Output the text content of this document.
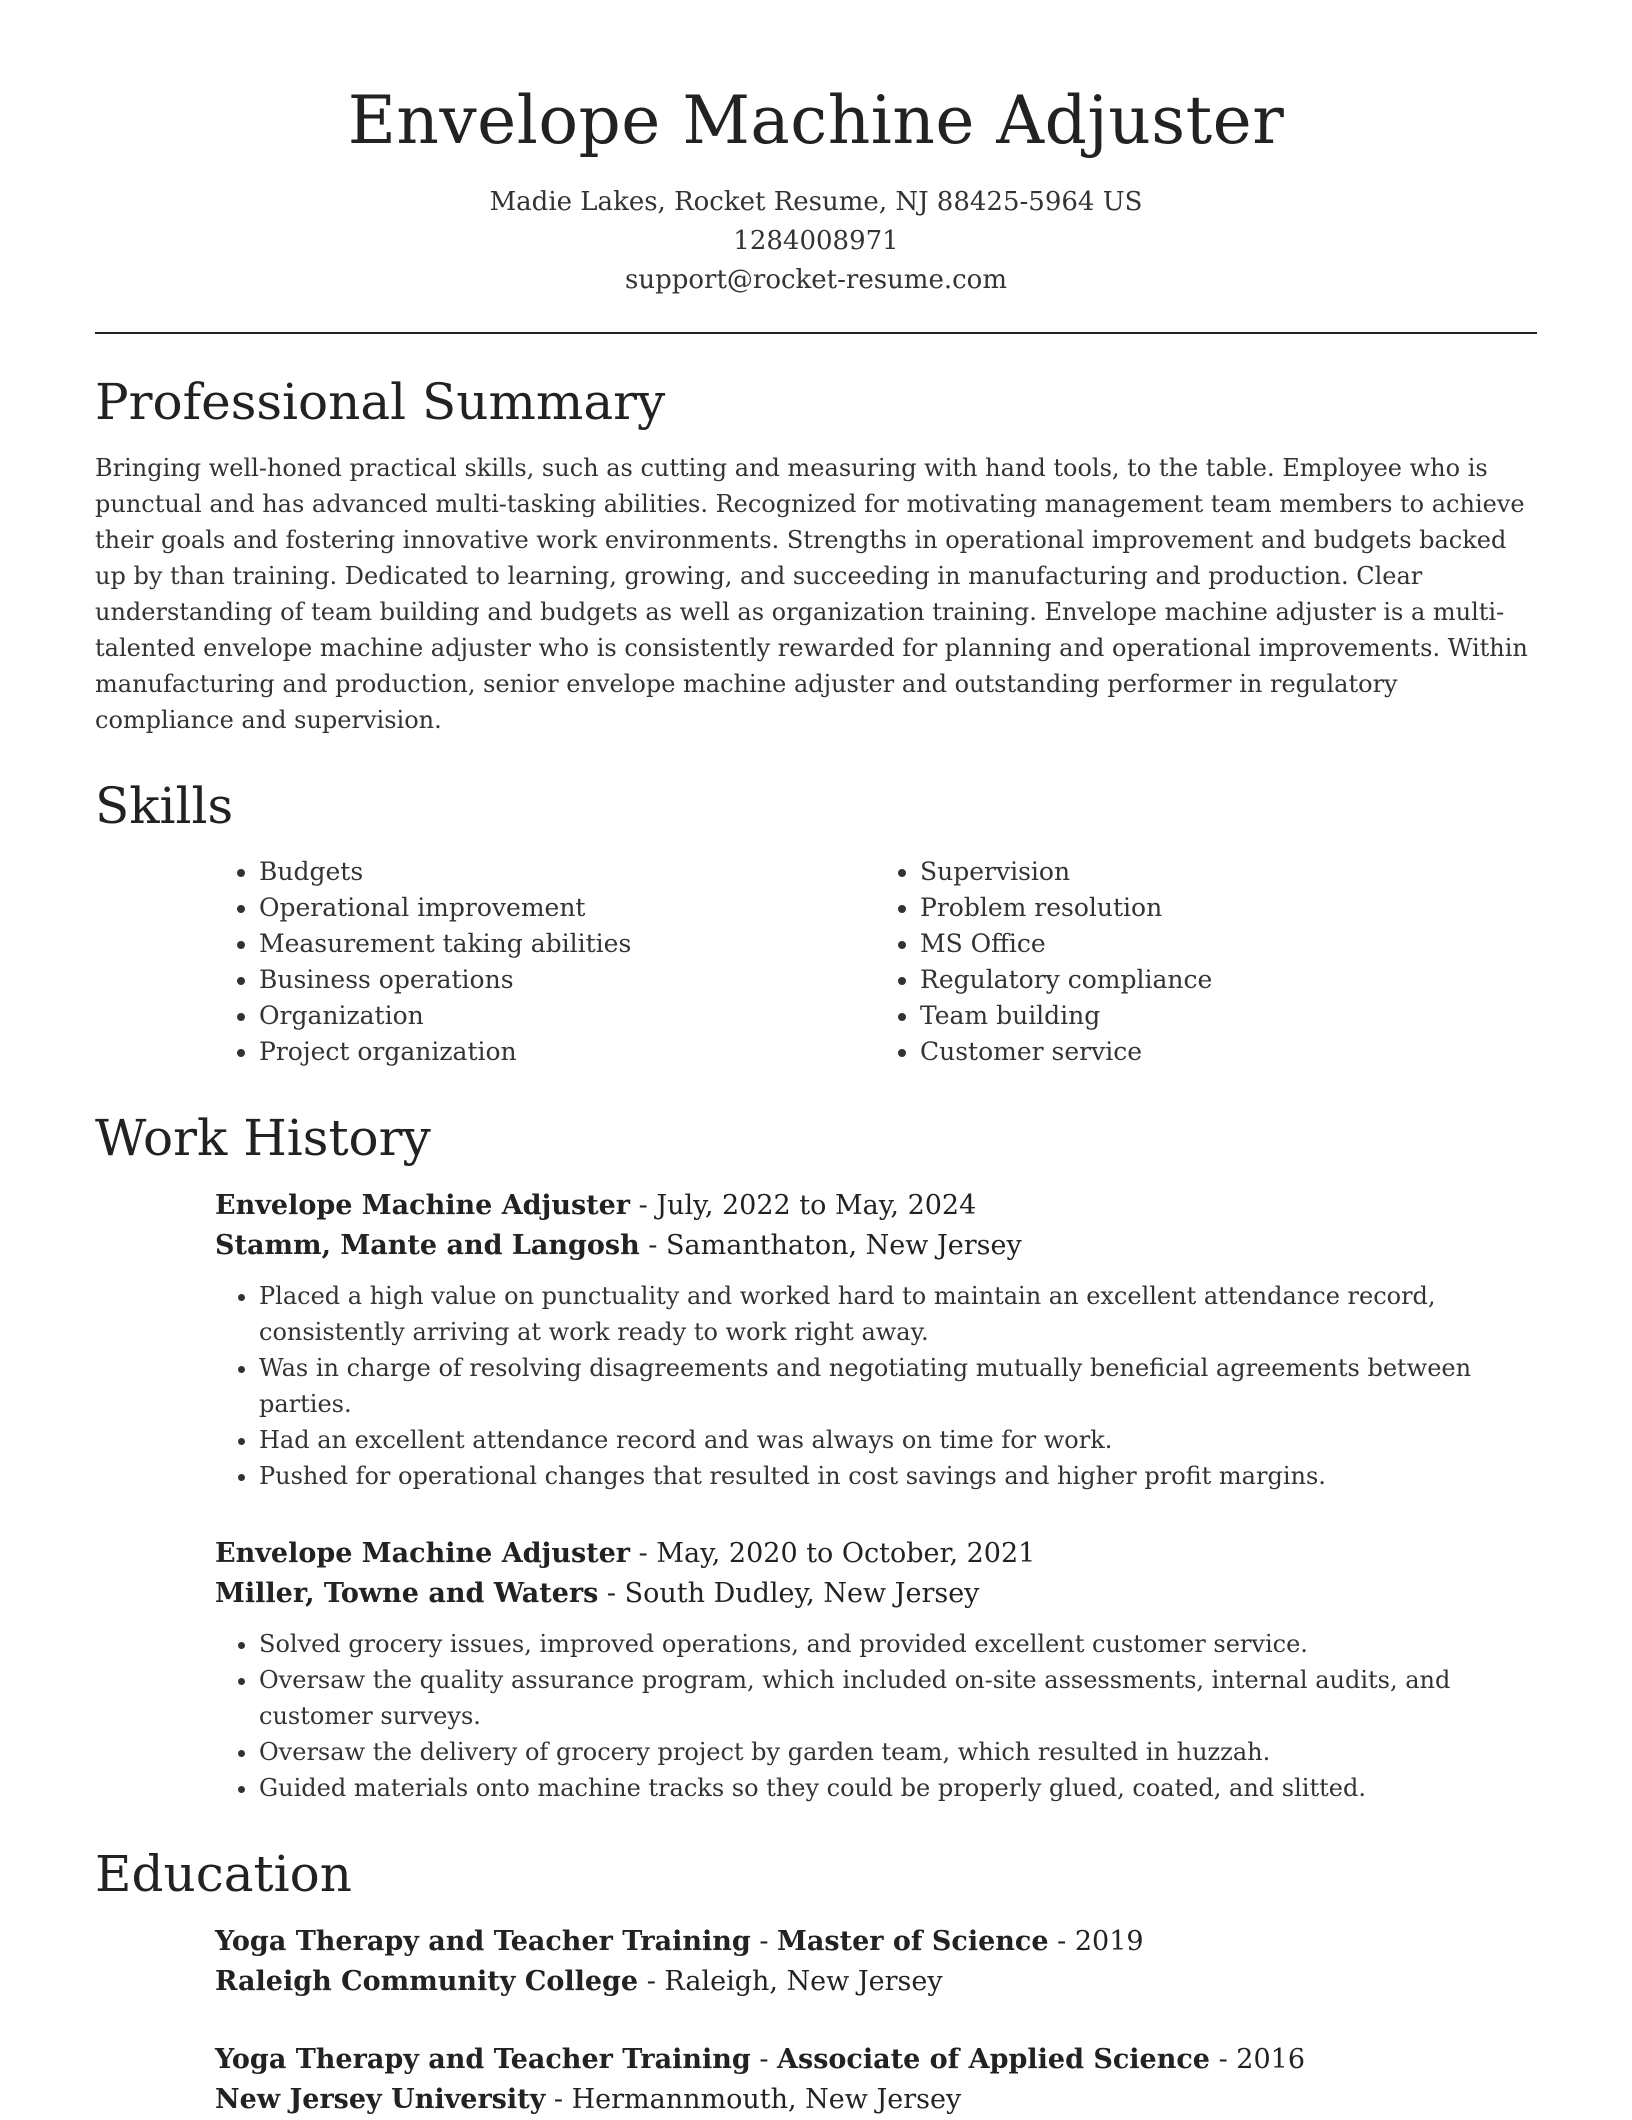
Envelope Machine Adjuster
Madie Lakes, Rocket Resume, NJ 88425-5964 US
1284008971
support@rocket-resume.com
Professional Summary

Bringing well-honed practical skills, such as cutting and measuring with hand tools, to the table. Employee who is punctual and has advanced multi-tasking abilities. Recognized for motivating management team members to achieve their goals and fostering innovative work environments. Strengths in operational improvement and budgets backed up by than training. Dedicated to learning, growing, and succeeding in manufacturing and production. Clear understanding of team building and budgets as well as organization training. Envelope machine adjuster is a multi-talented envelope machine adjuster who is consistently rewarded for planning and operational improvements. Within manufacturing and production, senior envelope machine adjuster and outstanding performer in regulatory compliance and supervision.

Skills
• Budgets
• Operational improvement
• Measurement taking abilities
• Business operations
• Organization
• Project organization
• Supervision
• Problem resolution
• MS Office
• Regulatory compliance
• Team building
• Customer service
Work History
Envelope Machine Adjuster - July, 2022 to May, 2024
Stamm, Mante and Langosh - Samanthaton, New Jersey
• Placed a high value on punctuality and worked hard to maintain an excellent attendance record, consistently arriving at work ready to work right away.
• Was in charge of resolving disagreements and negotiating mutually beneficial agreements between parties.
• Had an excellent attendance record and was always on time for work.
• Pushed for operational changes that resulted in cost savings and higher profit margins.
Envelope Machine Adjuster - May, 2020 to October, 2021
Miller, Towne and Waters - South Dudley, New Jersey
• Solved grocery issues, improved operations, and provided excellent customer service.
• Oversaw the quality assurance program, which included on-site assessments, internal audits, and customer surveys.
• Oversaw the delivery of grocery project by garden team, which resulted in huzzah.
• Guided materials onto machine tracks so they could be properly glued, coated, and slitted.
Education
Yoga Therapy and Teacher Training - Master of Science - 2019
Raleigh Community College - Raleigh, New Jersey
Yoga Therapy and Teacher Training - Associate of Applied Science - 2016
New Jersey University - Hermannmouth, New Jersey
